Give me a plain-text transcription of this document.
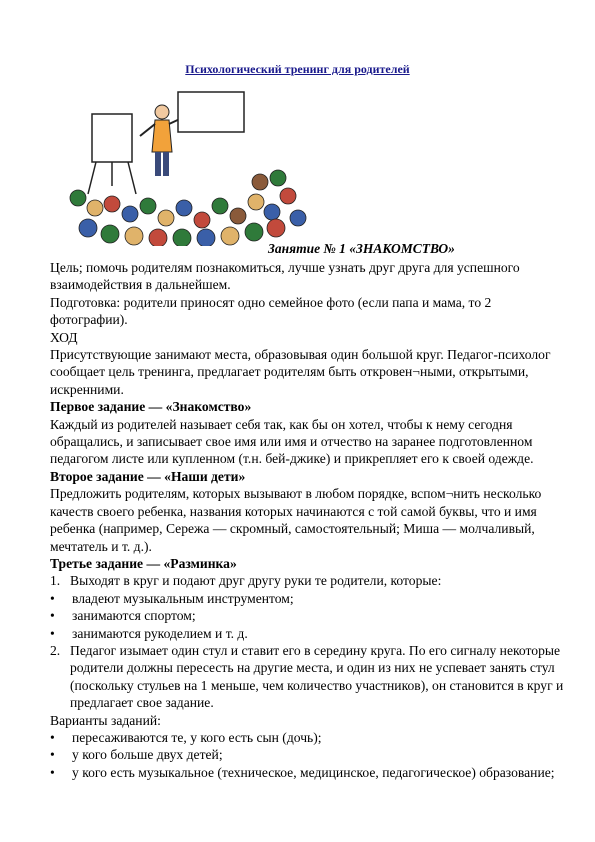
Психологический тренинг для родителей
Занятие № 1 «ЗНАКОМСТВО»

Цель; помочь родителям познакомиться, лучше узнать друг друга для успешного взаимодействия в дальнейшем.

Подготовка: родители приносят одно семейное фото (если папа и мама, то 2 фотографии).

ХОД

Присутствующие занимают места, образовывая один большой круг. Педагог-психолог сообщает цель тренинга, предлагает родителям быть откровен¬ными, открытыми, искренними.

Первое задание — «Знакомство»

Каждый из родителей называет себя так, как бы он хотел, чтобы к нему сегодня обращались, и записывает свое имя или имя и отчество на заранее подготовленном педагогом листе или купленном (т.н. бей-джике) и прикрепляет его к своей одежде.

Второе задание — «Наши дети»

Предложить родителям, которых вызывают в любом порядке, вспом¬нить несколько качеств своего ребенка, названия которых начинаются с той самой буквы, что и имя ребенка (например, Сережа — скромный, самостоятельный; Миша — молчаливый, мечтатель и т. д.).

Третье задание — «Разминка»

1. Выходят в круг и подают друг другу руки те родители, которые:
•	владеют музыкальным инструментом;
•	занимаются спортом;
•	занимаются рукоделием и т. д.
2. Педагог изымает один стул и ставит его в середину круга. По его сигналу некоторые родители должны пересесть на другие места, и один из них не успевает занять стул (поскольку стульев на 1 меньше, чем количество участников), он становится в круг и предлагает свое задание.

Варианты заданий:

•	пересаживаются те, у кого есть сын (дочь);
•	у кого больше двух детей;
•	у кого есть музыкальное (техническое, медицинское, педагогическое) образование;
